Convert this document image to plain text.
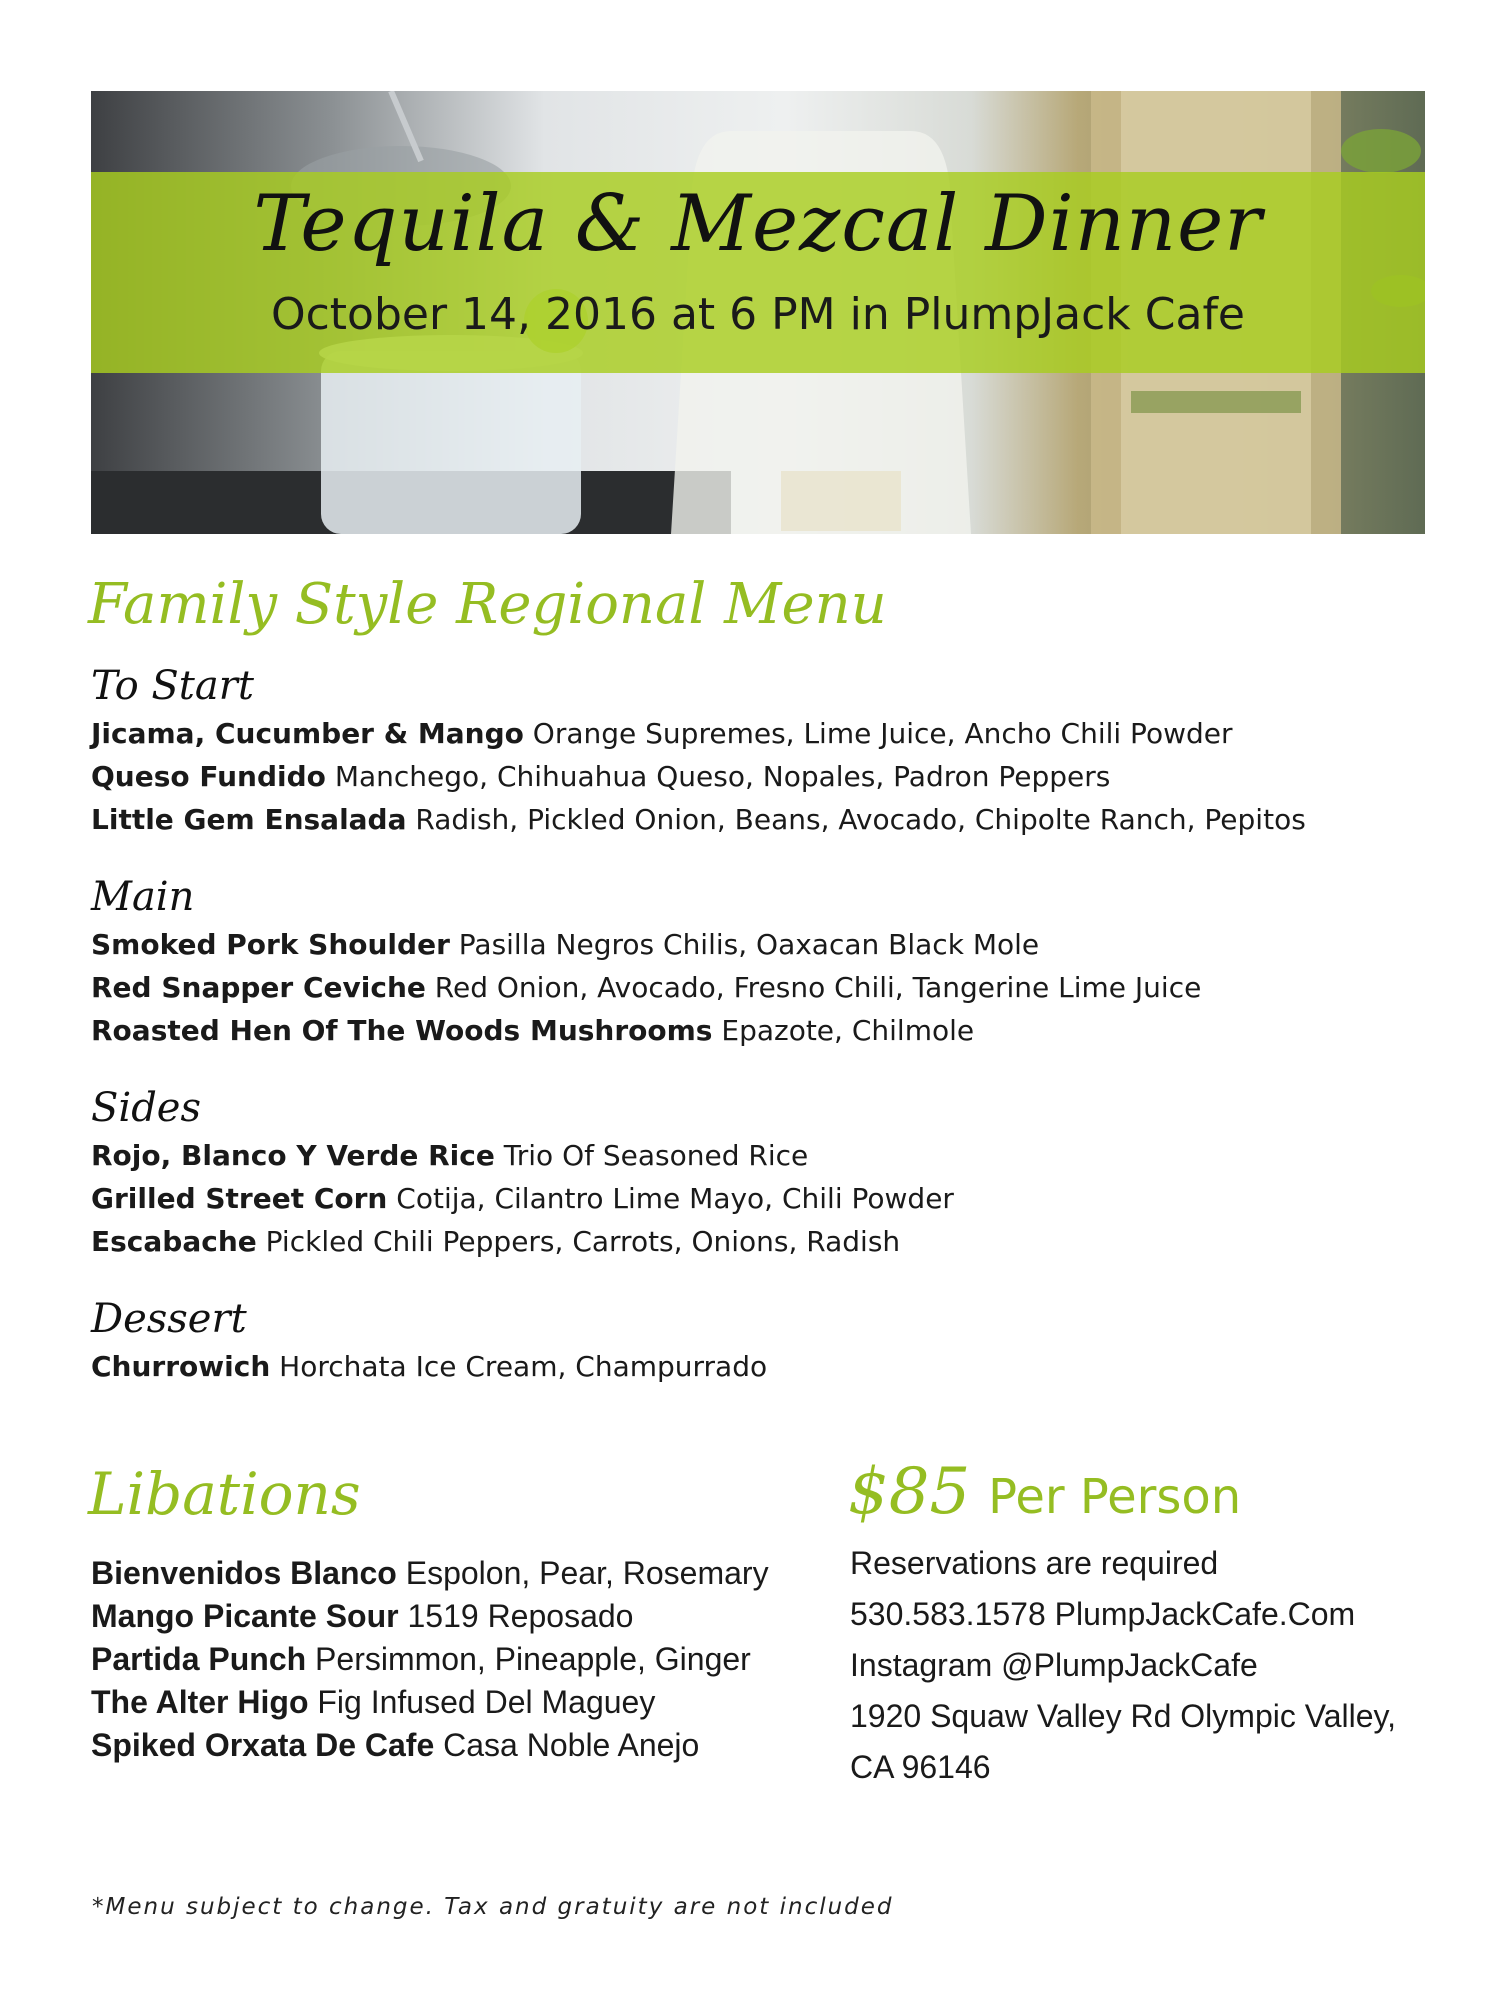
Tequila & Mezcal Dinner
October 14, 2016 at 6 PM in PlumpJack Cafe
Family Style Regional Menu
To Start
Jicama, Cucumber & Mango Orange Supremes, Lime Juice, Ancho Chili Powder
Queso Fundido Manchego, Chihuahua Queso, Nopales, Padron Peppers
Little Gem Ensalada Radish, Pickled Onion, Beans, Avocado, Chipolte Ranch, Pepitos
Main
Smoked Pork Shoulder Pasilla Negros Chilis, Oaxacan Black Mole
Red Snapper Ceviche Red Onion, Avocado, Fresno Chili, Tangerine Lime Juice
Roasted Hen Of The Woods Mushrooms Epazote, Chilmole
Sides
Rojo, Blanco Y Verde Rice Trio Of Seasoned Rice
Grilled Street Corn Cotija, Cilantro Lime Mayo, Chili Powder
Escabache Pickled Chili Peppers, Carrots, Onions, Radish
Dessert
Churrowich Horchata Ice Cream, Champurrado
Libations
Bienvenidos Blanco Espolon, Pear, Rosemary
Mango Picante Sour 1519 Reposado
Partida Punch Persimmon, Pineapple, Ginger
The Alter Higo Fig Infused Del Maguey
Spiked Orxata De Cafe Casa Noble Anejo
$85 Per Person
Reservations are required
530.583.1578 PlumpJackCafe.Com
Instagram @PlumpJackCafe
1920 Squaw Valley Rd Olympic Valley,
CA 96146
*Menu subject to change. Tax and gratuity are not included
